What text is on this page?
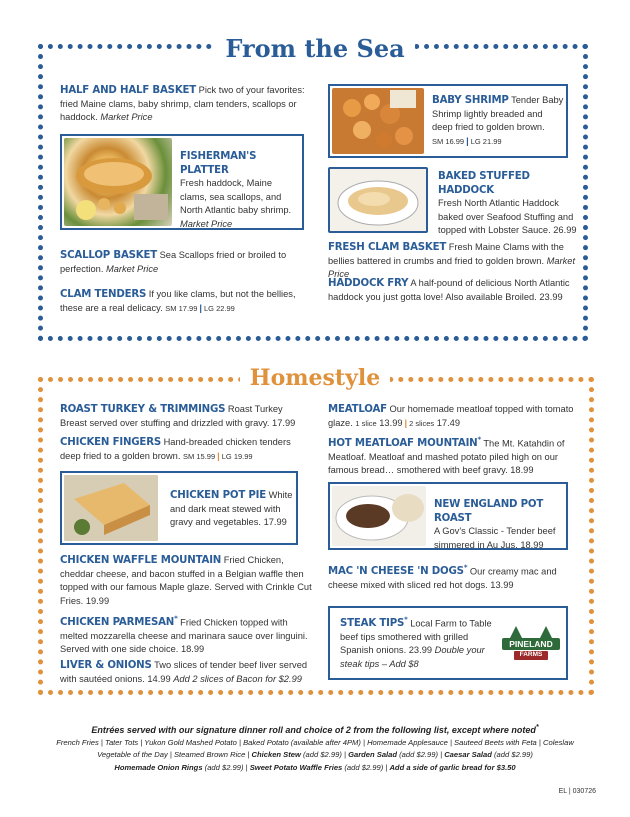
From the Sea
HALF AND HALF BASKET Pick two of your favorites: fried Maine clams, baby shrimp, clam tenders, scallops or haddock. Market Price
FISHERMAN'S PLATTER
Fresh haddock, Maine clams, sea scallops, and North Atlantic baby shrimp. Market Price
SCALLOP BASKET Sea Scallops fried or broiled to perfection. Market Price
CLAM TENDERS If you like clams, but not the bellies, these are a real delicacy. SM 17.99 | LG 22.99
BABY SHRIMP Tender Baby Shrimp lightly breaded and deep fried to golden brown.
SM 16.99 | LG 21.99
BAKED STUFFED HADDOCK
Fresh North Atlantic Haddock baked over Seafood Stuffing and topped with Lobster Sauce. 26.99
FRESH CLAM BASKET Fresh Maine Clams with the bellies battered in crumbs and fried to golden brown. Market Price
HADDOCK FRY A half-pound of delicious North Atlantic haddock you just gotta love! Also available Broiled. 23.99
Homestyle
ROAST TURKEY & TRIMMINGS Roast Turkey Breast served over stuffing and drizzled with gravy. 17.99
CHICKEN FINGERS Hand-breaded chicken tenders deep fried to a golden brown. SM 15.99 | LG 19.99
CHICKEN POT PIE White and dark meat stewed with gravy and vegetables. 17.99
CHICKEN WAFFLE MOUNTAIN Fried Chicken, cheddar cheese, and bacon stuffed in a Belgian waffle then topped with our famous Maple glaze. Served with Crinkle Cut Fries. 19.99
CHICKEN PARMESAN* Fried Chicken topped with melted mozzarella cheese and marinara sauce over linguini. Served with one side choice. 18.99
LIVER & ONIONS Two slices of tender beef liver served with sautéed onions. 14.99 Add 2 slices of Bacon for $2.99
MEATLOAF Our homemade meatloaf topped with tomato glaze. 1 slice 13.99 | 2 slices 17.49
HOT MEATLOAF MOUNTAIN* The Mt. Katahdin of Meatloaf. Meatloaf and mashed potato piled high on our famous bread… smothered with beef gravy. 18.99
NEW ENGLAND POT ROAST
A Gov's Classic - Tender beef simmered in Au Jus. 18.99
MAC 'N CHEESE 'N DOGS* Our creamy mac and cheese mixed with sliced red hot dogs. 13.99
STEAK TIPS* Local Farm to Table beef tips smothered with grilled Spanish onions. 23.99 Double your steak tips – Add $8
PINELAND
FARMS
Entrées served with our signature dinner roll and choice of 2 from the following list, except where noted*
French Fries | Tater Tots | Yukon Gold Mashed Potato | Baked Potato (available after 4PM) | Homemade Applesauce | Sauteed Beets with Feta | Coleslaw
Vegetable of the Day | Steamed Brown Rice | Chicken Stew (add $2.99) | Garden Salad (add $2.99) | Caesar Salad (add $2.99)
Homemade Onion Rings (add $2.99) | Sweet Potato Waffle Fries (add $2.99) | Add a side of garlic bread for $3.50
EL | 030726
